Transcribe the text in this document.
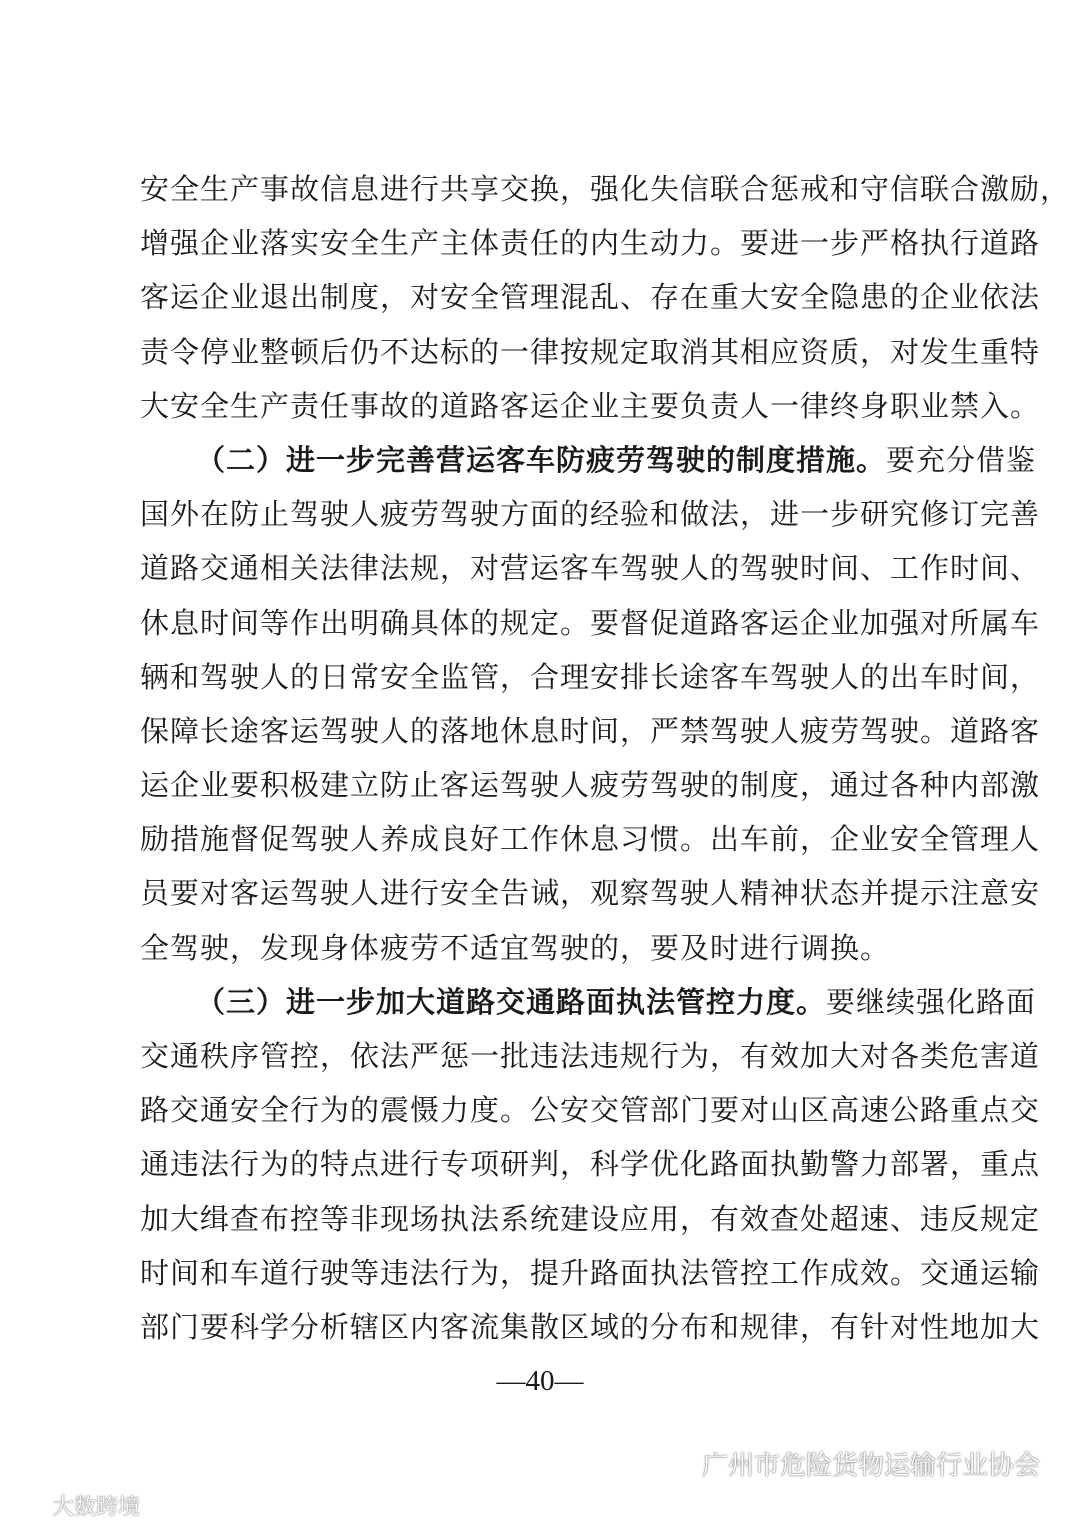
安全生产事故信息进行共享交换，强化失信联合惩戒和守信联合激励，
增强企业落实安全生产主体责任的内生动力。要进一步严格执行道路
客运企业退出制度，对安全管理混乱、存在重大安全隐患的企业依法
责令停业整顿后仍不达标的一律按规定取消其相应资质，对发生重特
大安全生产责任事故的道路客运企业主要负责人一律终身职业禁入。
（二）进一步完善营运客车防疲劳驾驶的制度措施。要充分借鉴
国外在防止驾驶人疲劳驾驶方面的经验和做法，进一步研究修订完善
道路交通相关法律法规，对营运客车驾驶人的驾驶时间、工作时间、
休息时间等作出明确具体的规定。要督促道路客运企业加强对所属车
辆和驾驶人的日常安全监管，合理安排长途客车驾驶人的出车时间，
保障长途客运驾驶人的落地休息时间，严禁驾驶人疲劳驾驶。道路客
运企业要积极建立防止客运驾驶人疲劳驾驶的制度，通过各种内部激
励措施督促驾驶人养成良好工作休息习惯。出车前，企业安全管理人
员要对客运驾驶人进行安全告诫，观察驾驶人精神状态并提示注意安
全驾驶，发现身体疲劳不适宜驾驶的，要及时进行调换。
（三）进一步加大道路交通路面执法管控力度。要继续强化路面
交通秩序管控，依法严惩一批违法违规行为，有效加大对各类危害道
路交通安全行为的震慑力度。公安交管部门要对山区高速公路重点交
通违法行为的特点进行专项研判，科学优化路面执勤警力部署，重点
加大缉查布控等非现场执法系统建设应用，有效查处超速、违反规定
时间和车道行驶等违法行为，提升路面执法管控工作成效。交通运输
部门要科学分析辖区内客流集散区域的分布和规律，有针对性地加大
—40—
广州市危险货物运输行业协会
大数跨境
